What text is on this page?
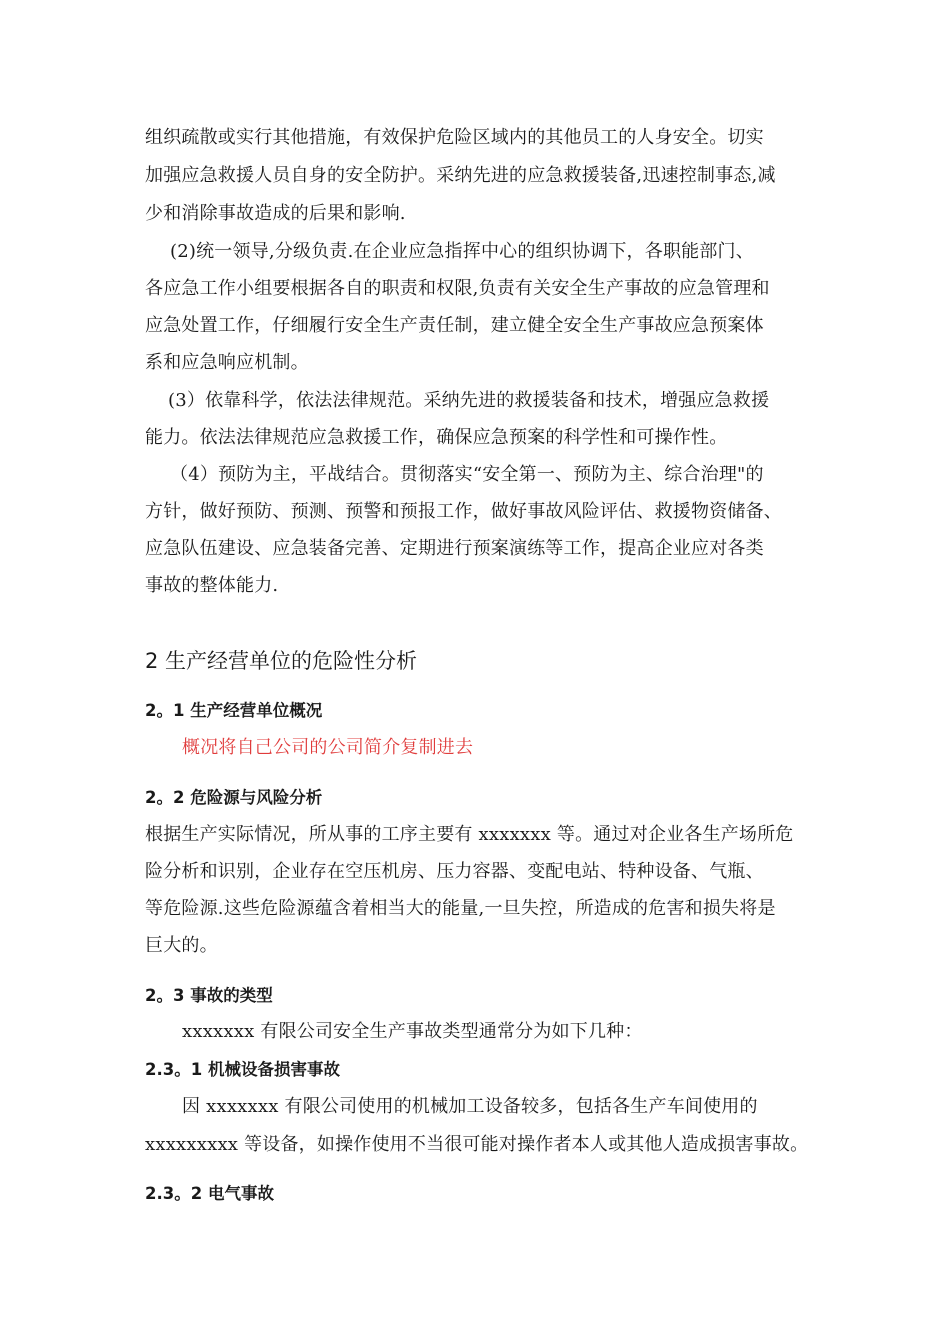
组织疏散或实行其他措施，有效保护危险区域内的其他员工的人身安全。切实
加强应急救援人员自身的安全防护。采纳先进的应急救援装备,迅速控制事态,减
少和消除事故造成的后果和影响.
(2)统一领导,分级负责.在企业应急指挥中心的组织协调下，各职能部门、
各应急工作小组要根据各自的职责和权限,负责有关安全生产事故的应急管理和
应急处置工作，仔细履行安全生产责任制，建立健全安全生产事故应急预案体
系和应急响应机制。
(3）依靠科学，依法法律规范。采纳先进的救援装备和技术，增强应急救援
能力。依法法律规范应急救援工作，确保应急预案的科学性和可操作性。
（4）预防为主，平战结合。贯彻落实“安全第一、预防为主、综合治理"的
方针，做好预防、预测、预警和预报工作，做好事故风险评估、救援物资储备、
应急队伍建设、应急装备完善、定期进行预案演练等工作，提高企业应对各类
事故的整体能力.
2 生产经营单位的危险性分析
2。1 生产经营单位概况
概况将自己公司的公司简介复制进去
2。2 危险源与风险分析
根据生产实际情况，所从事的工序主要有 xxxxxxx 等。通过对企业各生产场所危
险分析和识别，企业存在空压机房、压力容器、变配电站、特种设备、气瓶、
等危险源.这些危险源蕴含着相当大的能量,一旦失控，所造成的危害和损失将是
巨大的。
2。3 事故的类型
xxxxxxx 有限公司安全生产事故类型通常分为如下几种：
2.3。1 机械设备损害事故
因 xxxxxxx 有限公司使用的机械加工设备较多，包括各生产车间使用的
xxxxxxxxx 等设备，如操作使用不当很可能对操作者本人或其他人造成损害事故。
2.3。2 电气事故
